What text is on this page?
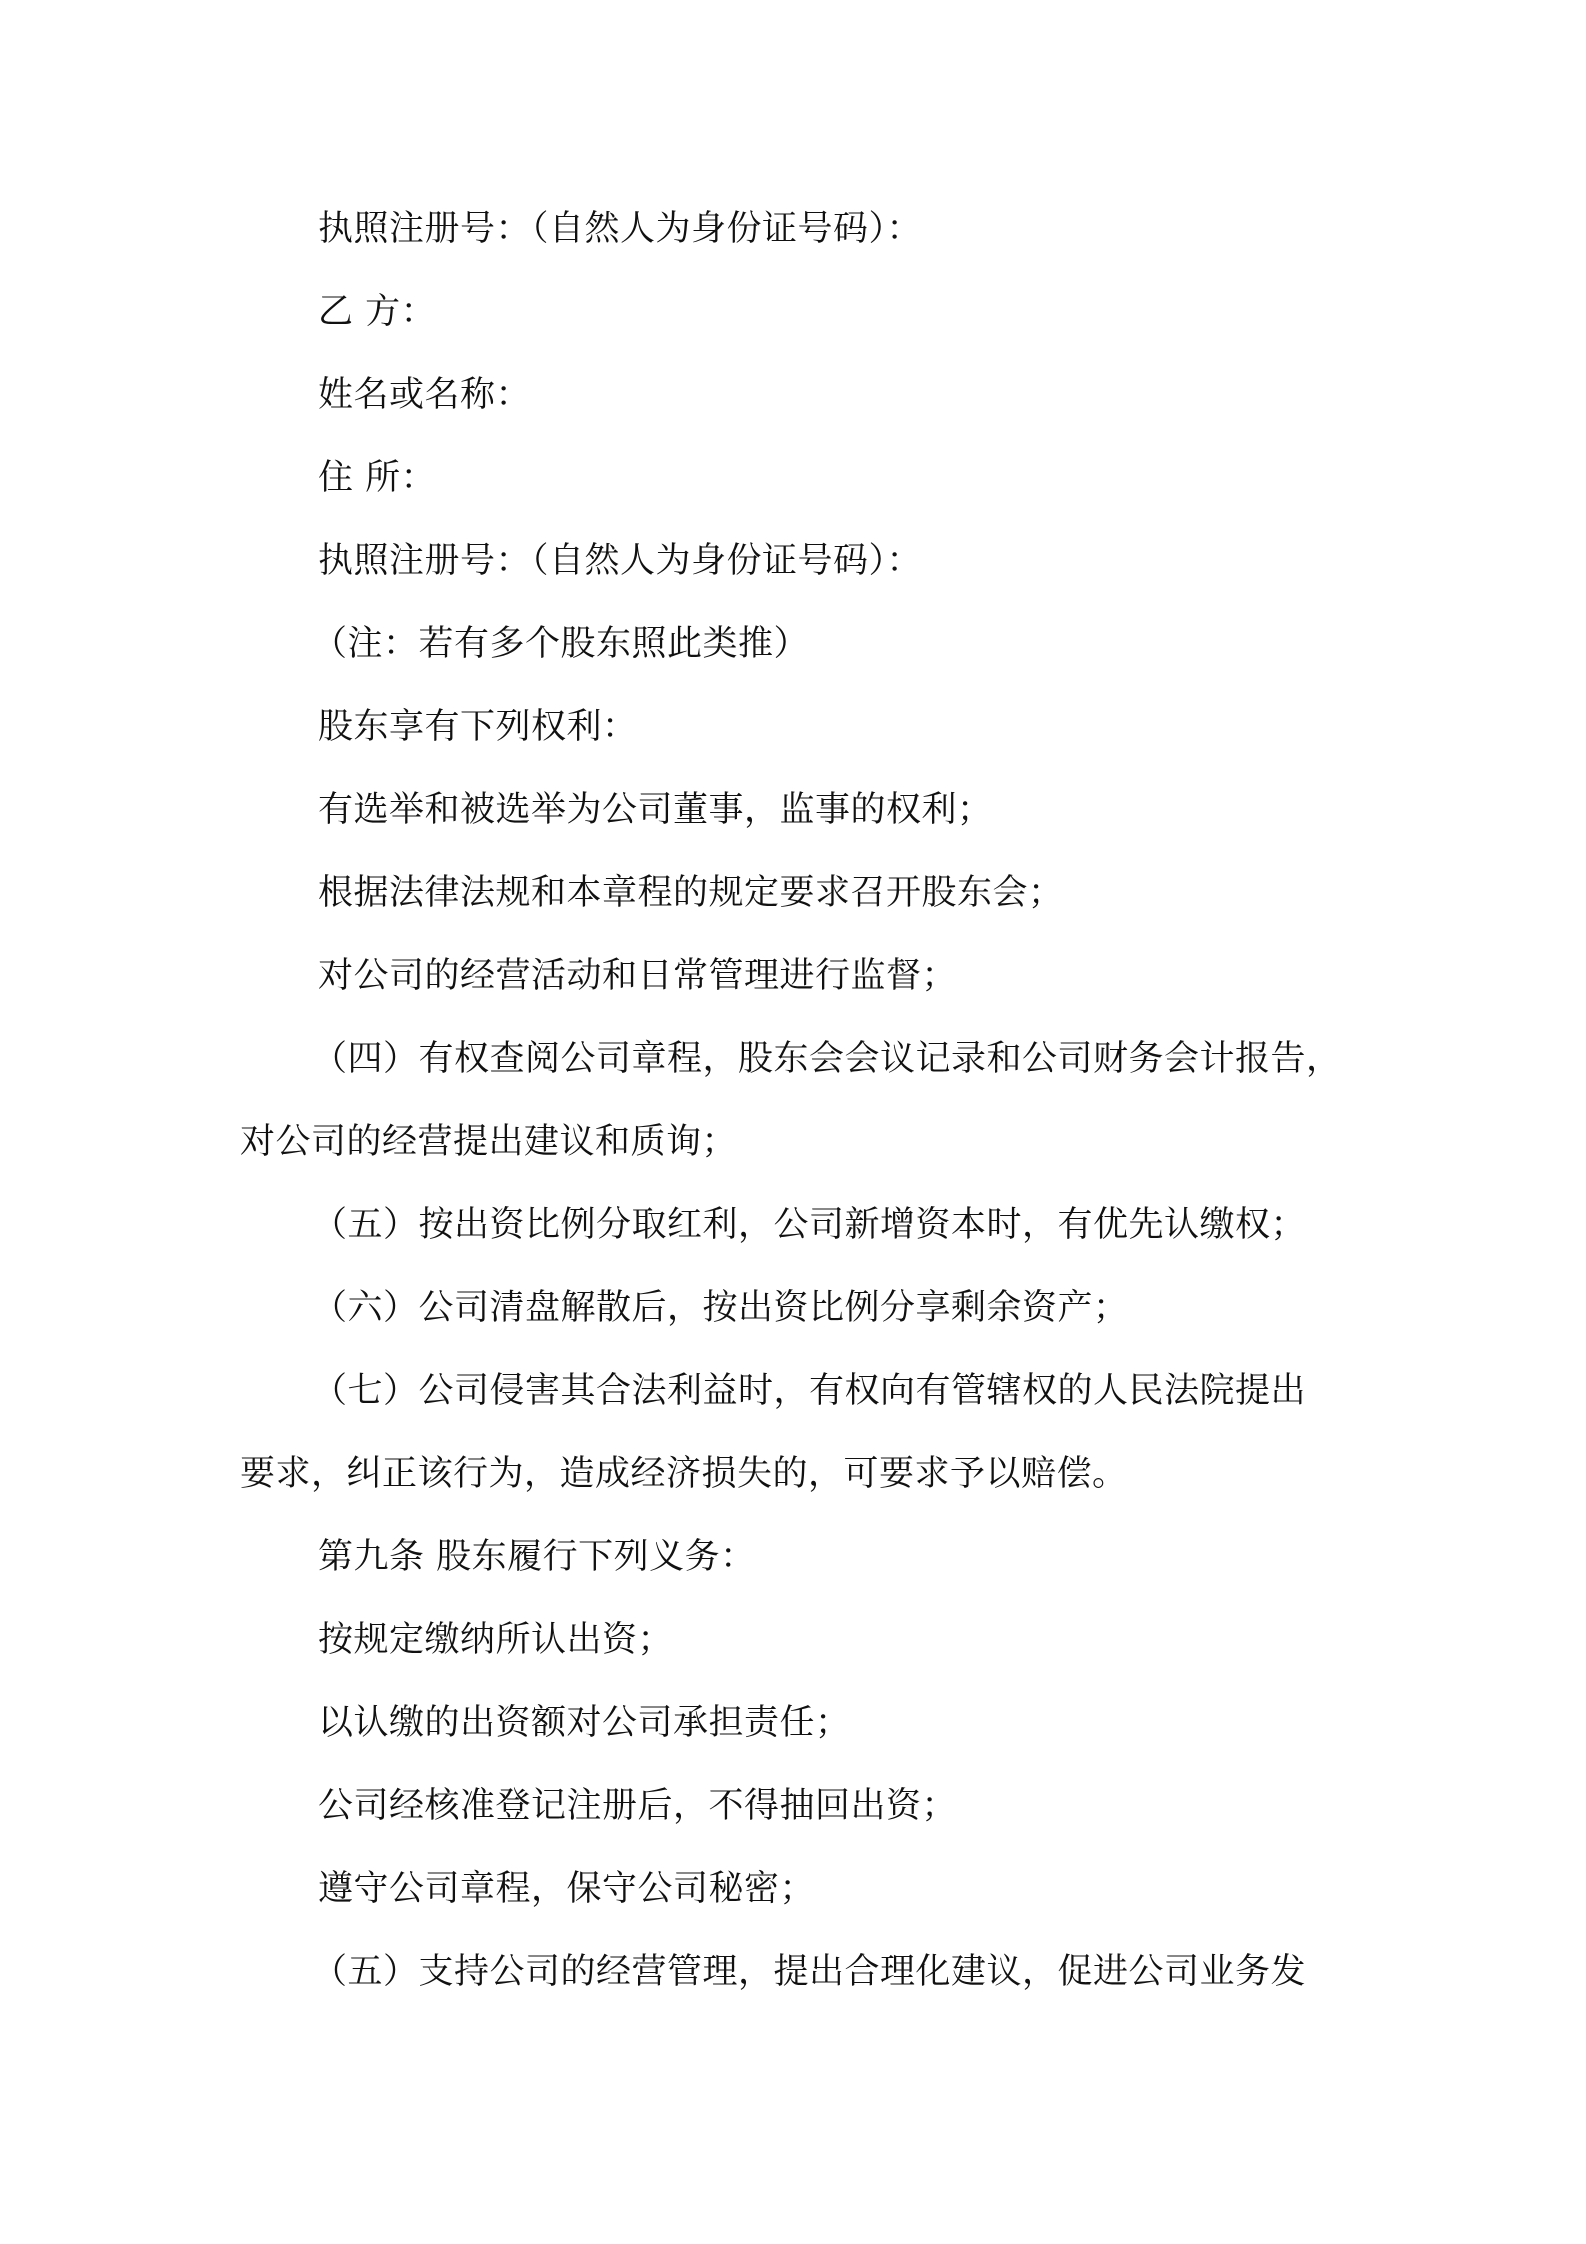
执照注册号：（自然人为身份证号码）：
乙 方：
姓名或名称：
住 所：
执照注册号：（自然人为身份证号码）：
（注：若有多个股东照此类推）
股东享有下列权利：
有选举和被选举为公司董事，监事的权利；
根据法律法规和本章程的规定要求召开股东会；
对公司的经营活动和日常管理进行监督；
（四）有权查阅公司章程，股东会会议记录和公司财务会计报告，
对公司的经营提出建议和质询；
（五）按出资比例分取红利，公司新增资本时，有优先认缴权；
（六）公司清盘解散后，按出资比例分享剩余资产；
（七）公司侵害其合法利益时，有权向有管辖权的人民法院提出
要求，纠正该行为，造成经济损失的，可要求予以赔偿。
第九条 股东履行下列义务：
按规定缴纳所认出资；
以认缴的出资额对公司承担责任；
公司经核准登记注册后，不得抽回出资；
遵守公司章程，保守公司秘密；
（五）支持公司的经营管理，提出合理化建议，促进公司业务发
